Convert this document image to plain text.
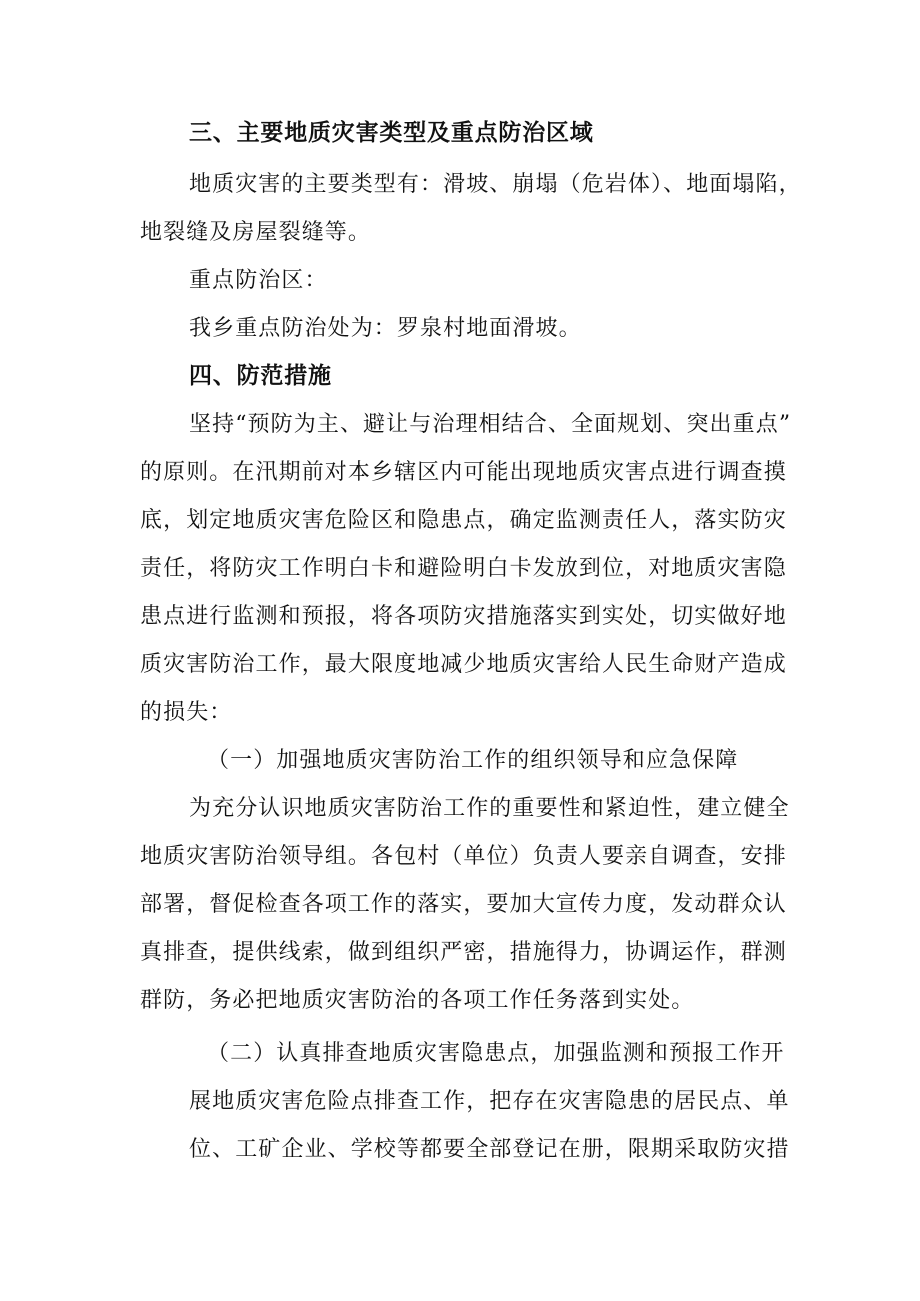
三、主要地质灾害类型及重点防治区域
地质灾害的主要类型有：滑坡、崩塌（危岩体）、地面塌陷，
地裂缝及房屋裂缝等。
重点防治区：
我乡重点防治处为：罗泉村地面滑坡。
四、防范措施
坚持“预防为主、避让与治理相结合、全面规划、突出重点”
的原则。在汛期前对本乡辖区内可能出现地质灾害点进行调查摸
底，划定地质灾害危险区和隐患点，确定监测责任人，落实防灾
责任，将防灾工作明白卡和避险明白卡发放到位，对地质灾害隐
患点进行监测和预报，将各项防灾措施落实到实处，切实做好地
质灾害防治工作，最大限度地减少地质灾害给人民生命财产造成
的损失：
（一）加强地质灾害防治工作的组织领导和应急保障
为充分认识地质灾害防治工作的重要性和紧迫性，建立健全
地质灾害防治领导组。各包村（单位）负责人要亲自调查，安排
部署，督促检查各项工作的落实，要加大宣传力度，发动群众认
真排查，提供线索，做到组织严密，措施得力，协调运作，群测
群防，务必把地质灾害防治的各项工作任务落到实处。
（二）认真排查地质灾害隐患点，加强监测和预报工作开
展地质灾害危险点排查工作，把存在灾害隐患的居民点、单
位、工矿企业、学校等都要全部登记在册，限期采取防灾措
